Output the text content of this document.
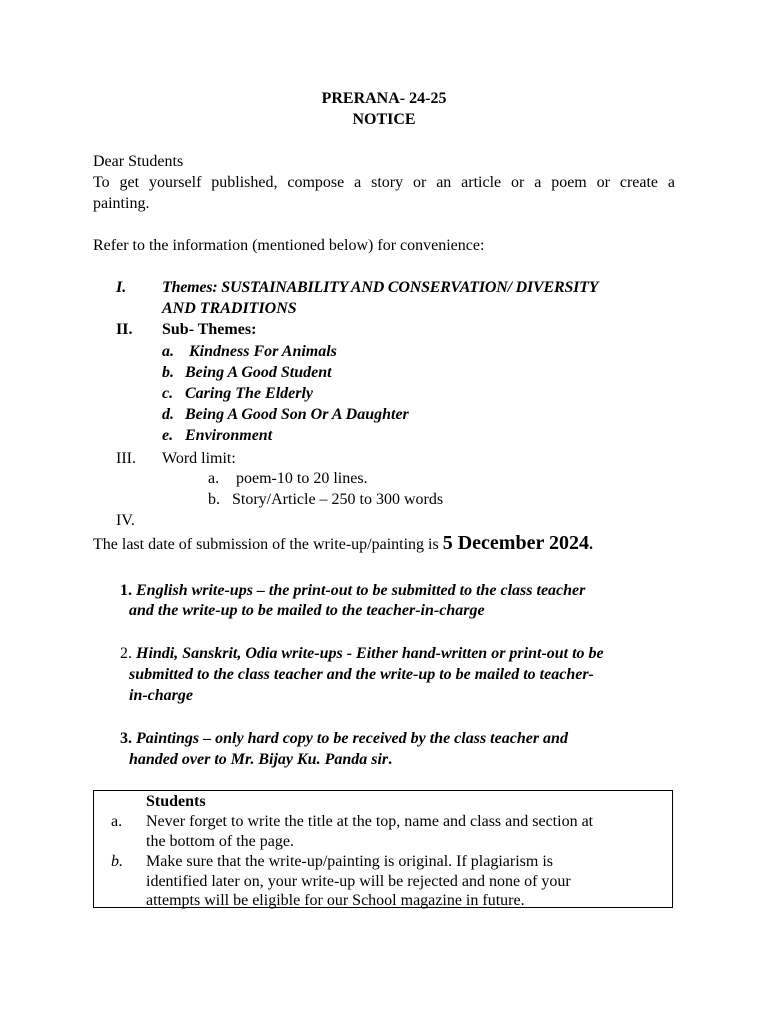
PRERANA- 24-25
NOTICE
Dear Students
To get yourself published, compose a story or an article or a poem or create a
painting.
Refer to the information (mentioned below) for convenience:
I. Themes: SUSTAINABILITY AND CONSERVATION/ DIVERSITY
AND TRADITIONS
II. Sub- Themes:
a. Kindness For Animals
b. Being A Good Student
c. Caring The Elderly
d. Being A Good Son Or A Daughter
e. Environment
III. Word limit:
a. poem-10 to 20 lines.
b. Story/Article – 250 to 300 words
IV.
The last date of submission of the write-up/painting is 5 December 2024.
1. English write-ups – the print-out to be submitted to the class teacher
and the write-up to be mailed to the teacher-in-charge
2. Hindi, Sanskrit, Odia write-ups - Either hand-written or print-out to be
submitted to the class teacher and the write-up to be mailed to teacher-
in-charge
3. Paintings – only hard copy to be received by the class teacher and
handed over to Mr. Bijay Ku. Panda sir.
Students
a. Never forget to write the title at the top, name and class and section at
the bottom of the page.
b. Make sure that the write-up/painting is original. If plagiarism is
identified later on, your write-up will be rejected and none of your
attempts will be eligible for our School magazine in future.
